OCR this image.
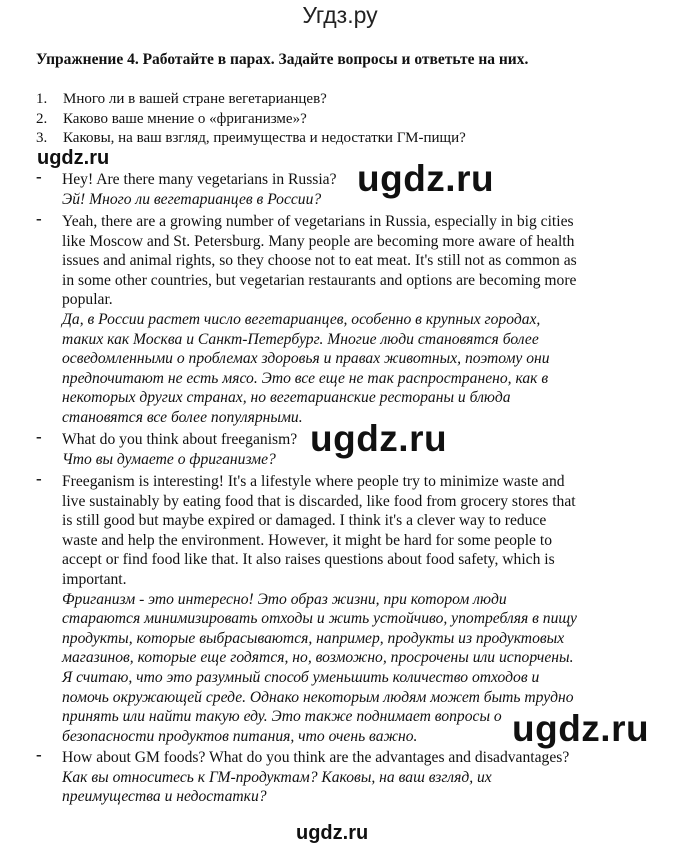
Угдз.ру
Упражнение 4. Работайте в парах. Задайте вопросы и ответьте на них.
1. Много ли в вашей стране вегетарианцев?
2. Каково ваше мнение о «фриганизме»?
3. Каковы, на ваш взгляд, преимущества и недостатки ГМ-пищи?
- Hey! Are there many vegetarians in Russia?
Эй! Много ли вегетарианцев в России?
- Yeah, there are a growing number of vegetarians in Russia, especially in big cities
like Moscow and St. Petersburg. Many people are becoming more aware of health
issues and animal rights, so they choose not to eat meat. It's still not as common as
in some other countries, but vegetarian restaurants and options are becoming more
popular.
Да, в России растет число вегетарианцев, особенно в крупных городах,
таких как Москва и Санкт-Петербург. Многие люди становятся более
осведомленными о проблемах здоровья и правах животных, поэтому они
предпочитают не есть мясо. Это все еще не так распространено, как в
некоторых других странах, но вегетарианские рестораны и блюда
становятся все более популярными.
- What do you think about freeganism?
Что вы думаете о фриганизме?
- Freeganism is interesting! It's a lifestyle where people try to minimize waste and
live sustainably by eating food that is discarded, like food from grocery stores that
is still good but maybe expired or damaged. I think it's a clever way to reduce
waste and help the environment. However, it might be hard for some people to
accept or find food like that. It also raises questions about food safety, which is
important.
Фриганизм - это интересно! Это образ жизни, при котором люди
стараются минимизировать отходы и жить устойчиво, употребляя в пищу
продукты, которые выбрасываются, например, продукты из продуктовых
магазинов, которые еще годятся, но, возможно, просрочены или испорчены.
Я считаю, что это разумный способ уменьшить количество отходов и
помочь окружающей среде. Однако некоторым людям может быть трудно
принять или найти такую еду. Это также поднимает вопросы о
безопасности продуктов питания, что очень важно.
- How about GM foods? What do you think are the advantages and disadvantages?
Как вы относитесь к ГМ-продуктам? Каковы, на ваш взгляд, их
преимущества и недостатки?
ugdz.ru	ugdz.ru
ugdz.ru
ugdz.ru
ugdz.ru
